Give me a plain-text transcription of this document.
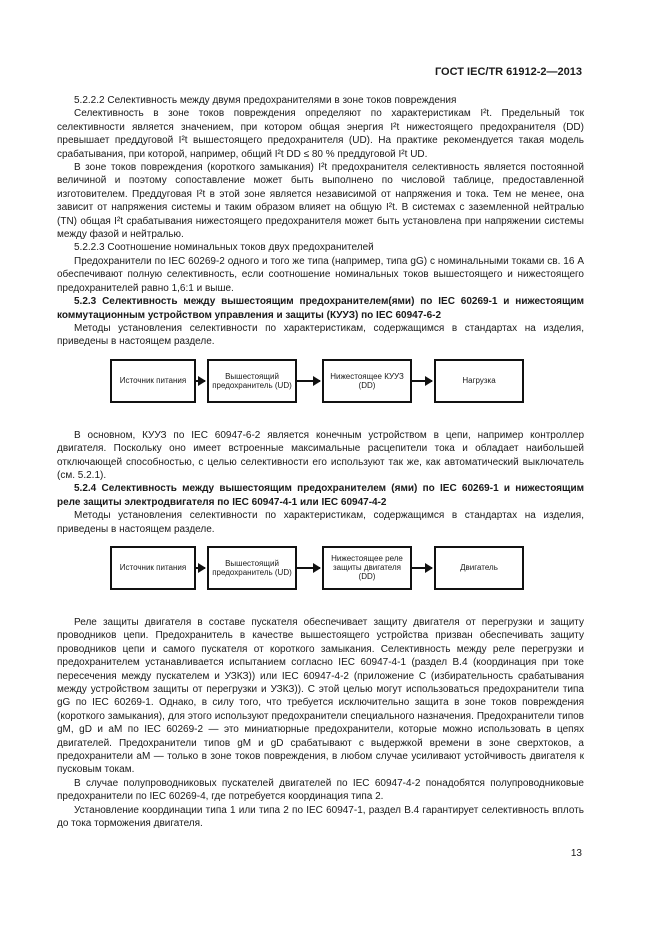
ГОСТ IEC/TR 61912-2—2013

5.2.2.2 Селективность между двумя предохранителями в зоне токов повреждения

Селективность в зоне токов повреждения определяют по характеристикам I²t. Предельный ток селективности является значением, при котором общая энергия I²t нижестоящего предохранителя (DD) превышает преддуговой I²t вышестоящего предохранителя (UD). На практике рекомендуется такая модель срабатывания, при которой, например, общий I²t DD ≤ 80 % преддуговой I²t UD.

В зоне токов повреждения (короткого замыкания) I²t предохранителя селективность является постоянной величиной и поэтому сопоставление может быть выполнено по числовой таблице, предоставленной изготовителем. Преддуговая I²t в этой зоне является независимой от напряжения и тока. Тем не менее, она зависит от напряжения системы и таким образом влияет на общую I²t. В системах с заземленной нейтралью (TN) общая I²t срабатывания нижестоящего предохранителя может быть установлена при напряжении системы между фазой и нейтралью.

5.2.2.3 Соотношение номинальных токов двух предохранителей

Предохранители по IEC 60269-2 одного и того же типа (например, типа gG) с номинальными токами св. 16 А обеспечивают полную селективность, если соотношение номинальных токов вышестоящего и нижестоящего предохранителей равно 1,6:1 и выше.

5.2.3 Селективность между вышестоящим предохранителем(ями) по IEC 60269-1 и нижестоящим коммутационным устройством управления и защиты (КУУЗ) по IEC 60947-6-2

Методы установления селективности по характеристикам, содержащимся в стандартах на изделия, приведены в настоящем разделе.

Источник питания	Вышестоящий предохранитель (UD)
Нижестоящее КУУЗ (DD)	Нагрузка

В основном, КУУЗ по IEC 60947-6-2 является конечным устройством в цепи, например контроллер двигателя. Поскольку оно имеет встроенные максимальные расцепители тока и обладает наибольшей отключающей способностью, с целью селективности его используют так же, как автоматический выключатель (см. 5.2.1).

5.2.4 Селективность между вышестоящим предохранителем (ями) по IEC 60269-1 и нижестоящим реле защиты электродвигателя по IEC 60947-4-1 или IEC 60947-4-2

Методы установления селективности по характеристикам, содержащимся в стандартах на изделия, приведены в настоящем разделе.

Источник питания	Вышестоящий предохранитель (UD)
Нижестоящее реле защиты двигателя (DD)
Двигатель

Реле защиты двигателя в составе пускателя обеспечивает защиту двигателя от перегрузки и защиту проводников цепи. Предохранитель в качестве вышестоящего устройства призван обеспечивать защиту проводников цепи и самого пускателя от короткого замыкания. Селективность между реле перегрузки и предохранителем устанавливается испытанием согласно IEC 60947-4-1 (раздел В.4 (координация при токе пересечения между пускателем и УЗКЗ)) или IEC 60947-4-2 (приложение С (избирательность срабатывания между устройством защиты от перегрузки и УЗКЗ)). С этой целью могут использоваться предохранители типа gG по IEC 60269-1. Однако, в силу того, что требуется исключительно защита в зоне токов повреждения (короткого замыкания), для этого используют предохранители специального назначения. Предохранители типов gM, gD и aM по IEC 60269-2 — это миниатюрные предохранители, которые можно использовать в цепях двигателей. Предохранители типов gM и gD срабатывают с выдержкой времени в зоне сверхтоков, а предохранители aM — только в зоне токов повреждения, в любом случае усиливают устойчивость двигателя к пусковым токам.

В случае полупроводниковых пускателей двигателей по IEC 60947-4-2 понадобятся полупроводниковые предохранители по IEC 60269-4, где потребуется координация типа 2.

Установление координации типа 1 или типа 2 по IEC 60947-1, раздел В.4 гарантирует селективность вплоть до тока торможения двигателя.

13
